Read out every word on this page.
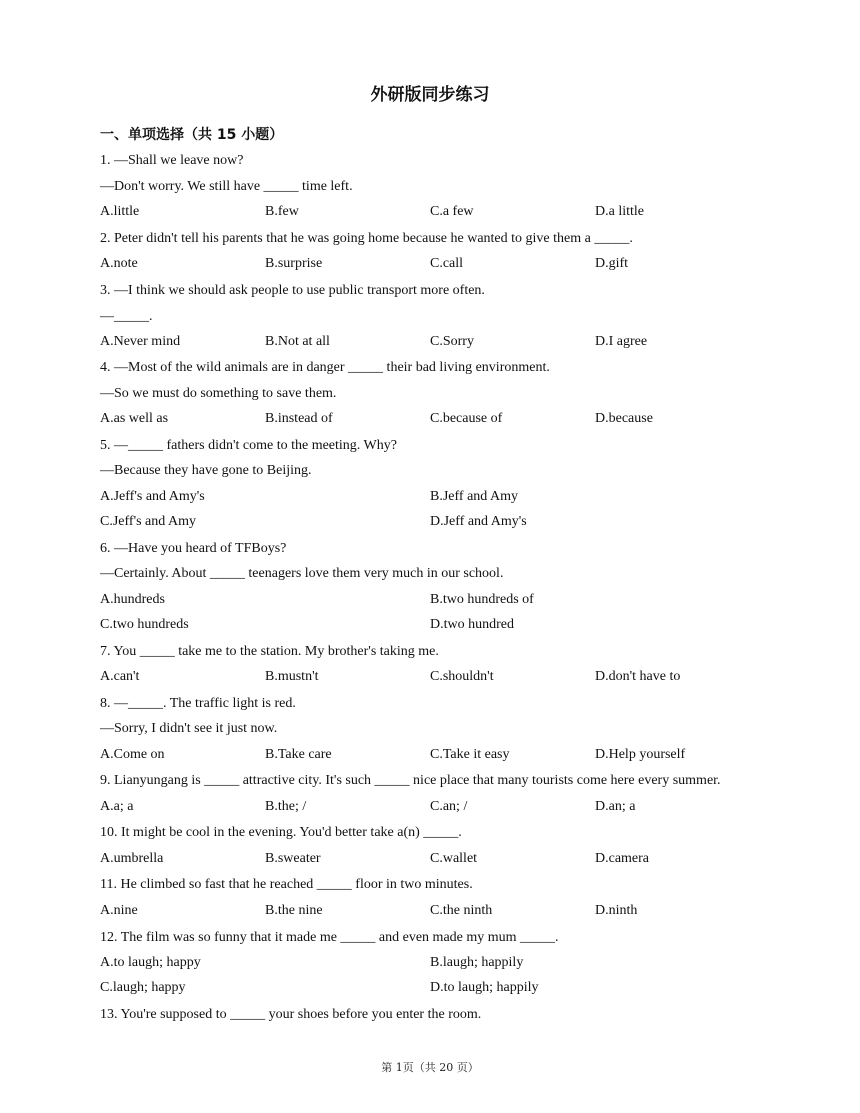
外研版同步练习
一、单项选择（共 15 小题）
1. —Shall we leave now?
—Don't worry. We still have _____ time left.
A.little	B.few	C.a few	D.a little
2. Peter didn't tell his parents that he was going home because he wanted to give them a _____.
A.note	B.surprise	C.call	D.gift
3. —I think we should ask people to use public transport more often.
—_____.
A.Never mind	B.Not at all	C.Sorry	D.I agree
4. —Most of the wild animals are in danger _____ their bad living environment.
—So we must do something to save them.
A.as well as	B.instead of	C.because of	D.because
5. —_____ fathers didn't come to the meeting. Why?
—Because they have gone to Beijing.
A.Jeff's and Amy's	B.Jeff and Amy
C.Jeff's and Amy	D.Jeff and Amy's
6. —Have you heard of TFBoys?
—Certainly. About _____ teenagers love them very much in our school.
A.hundreds	B.two hundreds of
C.two hundreds	D.two hundred
7. You _____ take me to the station. My brother's taking me.
A.can't	B.mustn't	C.shouldn't	D.don't have to
8. —_____. The traffic light is red.
—Sorry, I didn't see it just now.
A.Come on	B.Take care	C.Take it easy	D.Help yourself
9. Lianyungang is _____ attractive city. It's such _____ nice place that many tourists come here every summer.
A.a; a	B.the; /	C.an; /	D.an; a
10. It might be cool in the evening. You'd better take a(n) _____.
A.umbrella	B.sweater	C.wallet	D.camera
11. He climbed so fast that he reached _____ floor in two minutes.
A.nine	B.the nine	C.the ninth	D.ninth
12. The film was so funny that it made me _____ and even made my mum _____.
A.to laugh; happy	B.laugh; happily
C.laugh; happy	D.to laugh; happily
13. You're supposed to _____ your shoes before you enter the room.
第 1页（共 20 页）
